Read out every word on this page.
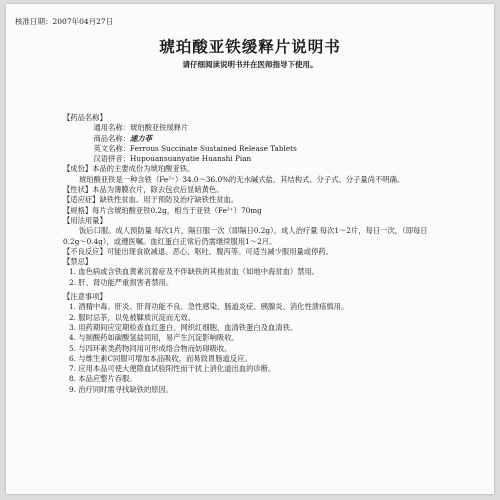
核准日期：2007年04月27日
琥珀酸亚铁缓释片说明书
请仔细阅读说明书并在医师指导下使用。
【药品名称】
通用名称：琥珀酸亚铁缓释片
商品名称：速力菲
英文名称：Ferrous Succinate Sustained Release Tablets
汉语拼音：Hupouansuanyatie Huanshi Pian
【成份】本品的主要成份为琥珀酸亚铁。
琥珀酸亚铁是一种含铁（Fe²⁺）34.0～36.0%的无水碱式盐。其结构式、分子式、分子量尚不明确。
【性状】本品为薄膜衣片，除去包衣后显暗黄色。
【适应症】缺铁性贫血。用于预防及治疗缺铁性贫血。
【规格】每片含琥珀酸亚铁0.2g，相当于亚铁（Fe²⁺）70mg
【用法用量】
饭后口服。成人预防量 每次1片，隔日服一次（即隔日0.2g）。成人治疗量 每次1～2片，每日一次，（即每日
0.2g～0.4g），或遵医嘱。血红蛋白正常后仍需继续服用1～2月。
【不良反应】可能出现食欲减退、恶心、呕吐、腹泻等。可适当减少服用量或停药。
【禁忌】
1. 血色病或含铁血黄素沉着症及不伴缺铁的其他贫血（如地中海贫血）禁用。
2. 肝、肾功能严重损害者禁用。
【注意事项】
1. 酒精中毒、肝炎、肝肾功能不良、急性感染、肠道炎症、胰腺炎、消化性溃疡慎用。
2. 服时忌茶，以免被鞣质沉淀而无效。
3. 用药期间应定期检查血红蛋白、网织红细胞、血清铁蛋白及血清铁。
4. 与制酸药如碳酸氢盐同用，易产生沉淀影响吸收。
5. 与四环素类药物同用可形成络合物而妨碍吸收。
6. 与维生素C同服可增加本品吸收，而易致胃肠道反应。
7. 应用本品可使大便隐血试验阳性而干扰上消化道出血的诊断。
8. 本品应整片吞服。
9. 治疗同时需寻找缺铁的原因。
